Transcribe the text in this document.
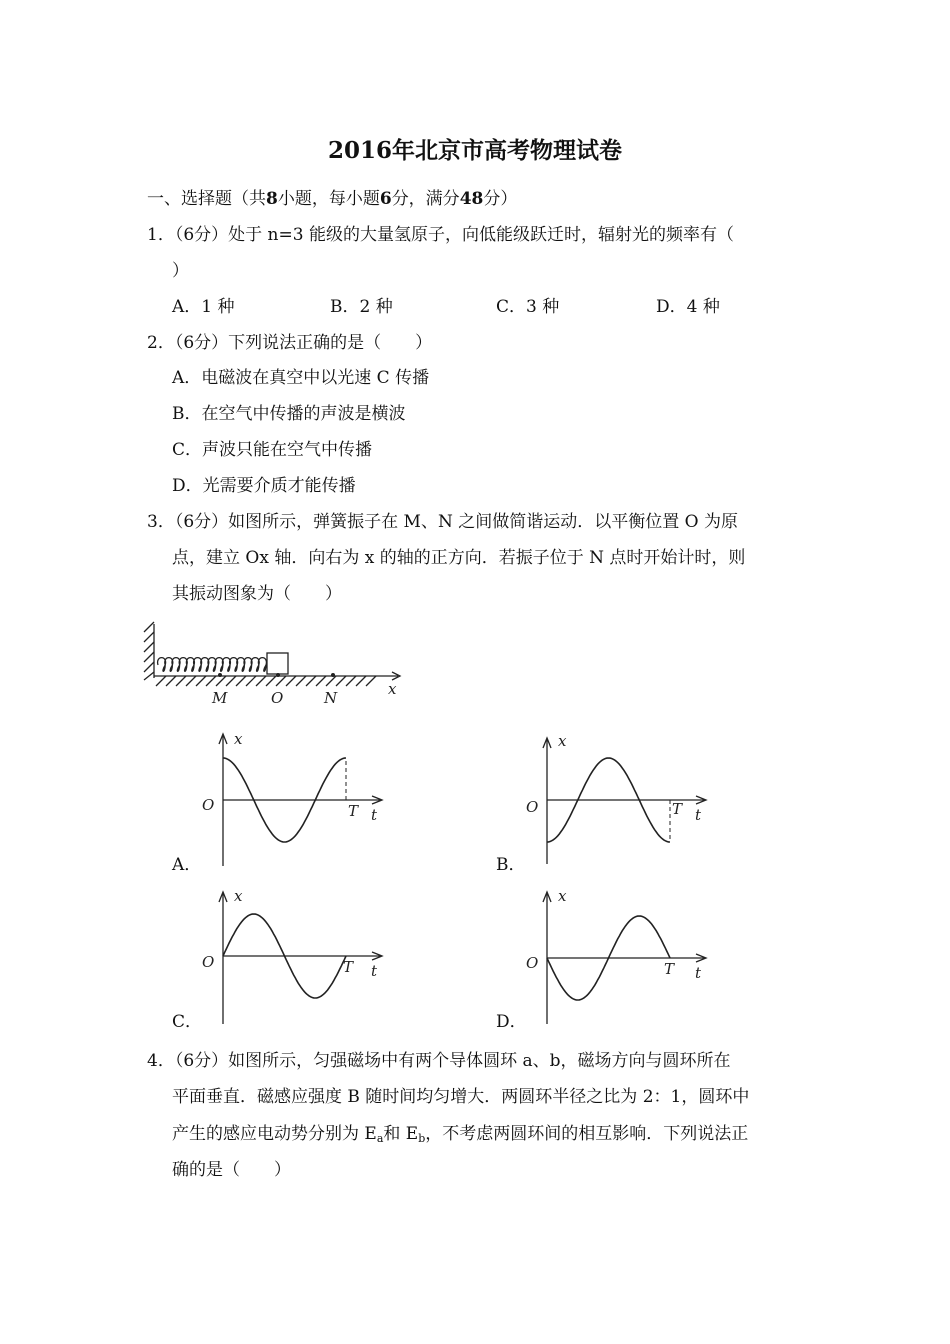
2016年北京市高考物理试卷
一、选择题（共8小题，每小题6分，满分48分）
1．（6分）处于 n=3 能级的大量氢原子，向低能级跃迁时，辐射光的频率有（
）
A．1 种	B．2 种	C．3 种	D．4 种
2．（6分）下列说法正确的是（　　）
A．电磁波在真空中以光速 C 传播
B．在空气中传播的声波是横波
C．声波只能在空气中传播
D．光需要介质才能传播
3．（6分）如图所示，弹簧振子在 M、N 之间做简谐运动．以平衡位置 O 为原
点，建立 Ox 轴．向右为 x 的轴的正方向．若振子位于 N 点时开始计时，则
其振动图象为（　　）
M	O	N	x
x
O	T t
A．
x
O	T t
B．
x
O	T t
C．
x
O	T t
D．
4．（6分）如图所示，匀强磁场中有两个导体圆环 a、b，磁场方向与圆环所在
平面垂直．磁感应强度 B 随时间均匀增大．两圆环半径之比为 2：1，圆环中
产生的感应电动势分别为 $E_a$和 $E_b$，不考虑两圆环间的相互影响．下列说法正
确的是（　　）
